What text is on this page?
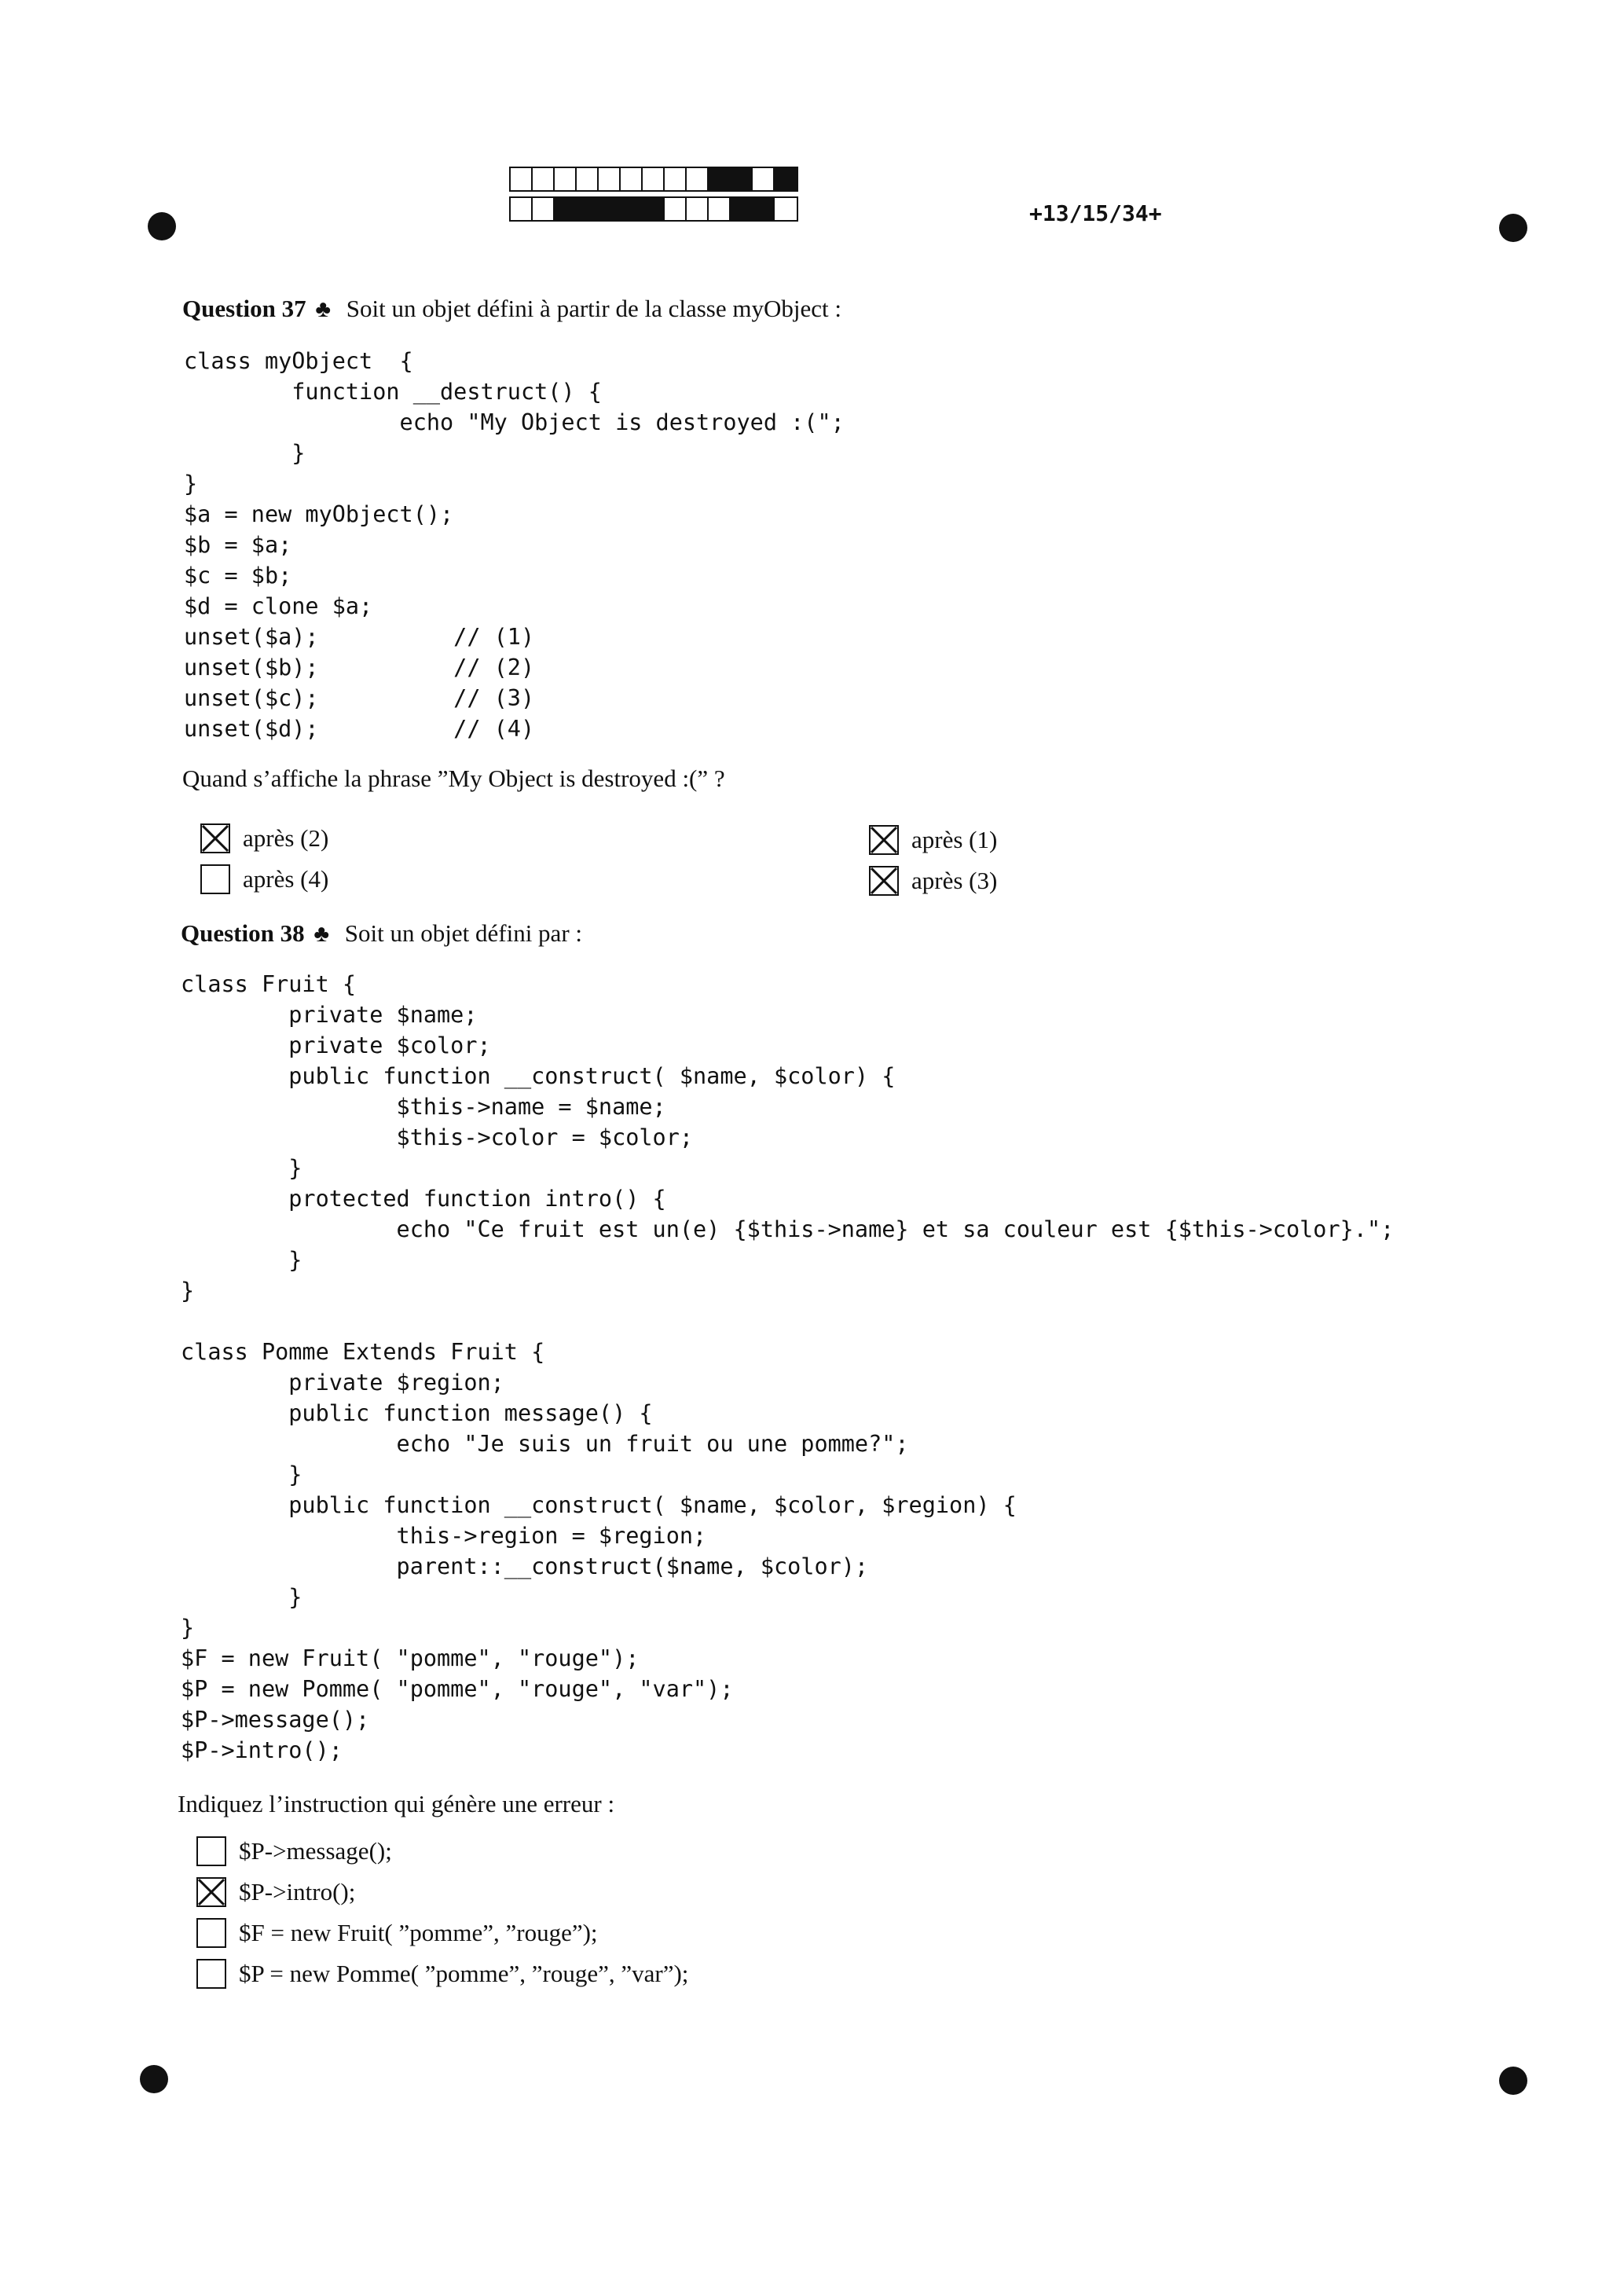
+13/15/34+
Question 37 ♣ Soit un objet défini à partir de la classe myObject :
class myObject  {
function __destruct() {
echo "My Object is destroyed :(";
}
}
$a = new myObject();
$b = $a;
$c = $b;
$d = clone $a;
unset($a);          // (1)
unset($b);          // (2)
unset($c);          // (3)
unset($d);          // (4)
Quand s’affiche la phrase ”My Object is destroyed :(” ?
après (2)
après (4)
après (1)
après (3)
Question 38 ♣ Soit un objet défini par :
class Fruit {
private $name;
private $color;
public function __construct( $name, $color) {
$this->name = $name;
$this->color = $color;
}
protected function intro() {
echo "Ce fruit est un(e) {$this->name} et sa couleur est {$this->color}.";
}
}

class Pomme Extends Fruit {
private $region;
public function message() {
echo "Je suis un fruit ou une pomme?";
}
public function __construct( $name, $color, $region) {
this->region = $region;
parent::__construct($name, $color);
}
}
$F = new Fruit( "pomme", "rouge");
$P = new Pomme( "pomme", "rouge", "var");
$P->message();
$P->intro();
Indiquez l’instruction qui génère une erreur :
$P->message();
$P->intro();
$F = new Fruit( ”pomme”, ”rouge”);
$P = new Pomme( ”pomme”, ”rouge”, ”var”);
